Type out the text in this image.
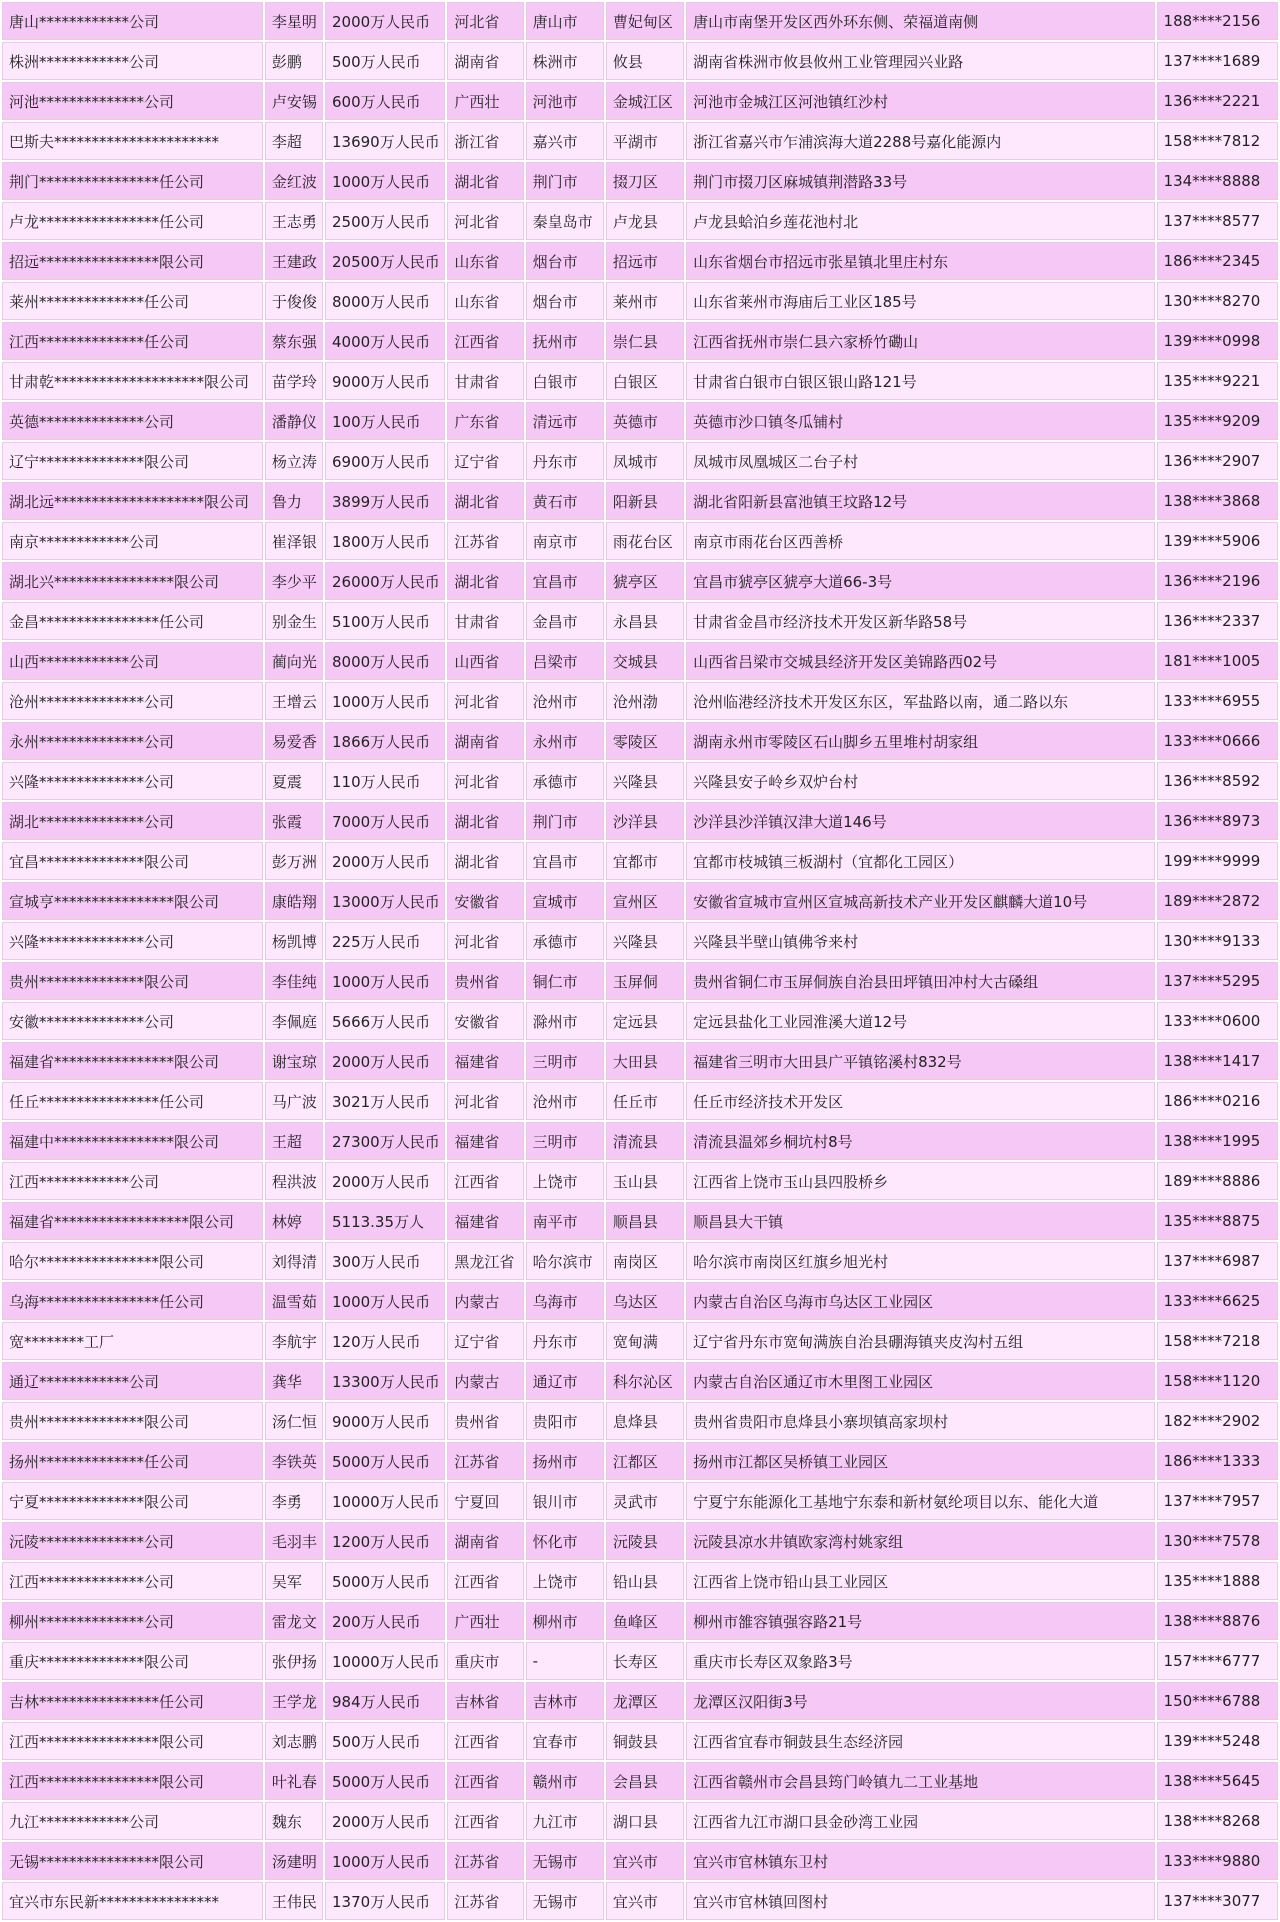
唐山************公司	李星明	2000万人民币	河北省	唐山市	曹妃甸区	唐山市南堡开发区西外环东侧、荣福道南侧	188****2156
株洲************公司	彭鹏	500万人民币	湖南省	株洲市	攸县	湖南省株洲市攸县攸州工业管理园兴业路	137****1689
河池**************公司	卢安锡	600万人民币	广西壮	河池市	金城江区	河池市金城江区河池镇红沙村	136****2221
巴斯夫**********************	李超	13690万人民币	浙江省	嘉兴市	平湖市	浙江省嘉兴市乍浦滨海大道2288号嘉化能源内	158****7812
荆门****************任公司	金红波	1000万人民币	湖北省	荆门市	掇刀区	荆门市掇刀区麻城镇荆潜路33号	134****8888
卢龙****************任公司	王志勇	2500万人民币	河北省	秦皇岛市	卢龙县	卢龙县蛤泊乡莲花池村北	137****8577
招远****************限公司	王建政	20500万人民币	山东省	烟台市	招远市	山东省烟台市招远市张星镇北里庄村东	186****2345
莱州**************任公司	于俊俊	8000万人民币	山东省	烟台市	莱州市	山东省莱州市海庙后工业区185号	130****8270
江西**************任公司	蔡东强	4000万人民币	江西省	抚州市	崇仁县	江西省抚州市崇仁县六家桥竹磡山	139****0998
甘肃乾********************限公司	苗学玲	9000万人民币	甘肃省	白银市	白银区	甘肃省白银市白银区银山路121号	135****9221
英德**************公司	潘静仪	100万人民币	广东省	清远市	英德市	英德市沙口镇冬瓜铺村	135****9209
辽宁**************限公司	杨立涛	6900万人民币	辽宁省	丹东市	凤城市	凤城市凤凰城区二台子村	136****2907
湖北远********************限公司	鲁力	3899万人民币	湖北省	黄石市	阳新县	湖北省阳新县富池镇王坟路12号	138****3868
南京************公司	崔泽银	1800万人民币	江苏省	南京市	雨花台区	南京市雨花台区西善桥	139****5906
湖北兴****************限公司	李少平	26000万人民币	湖北省	宜昌市	猇亭区	宜昌市猇亭区猇亭大道66-3号	136****2196
金昌****************任公司	别金生	5100万人民币	甘肃省	金昌市	永昌县	甘肃省金昌市经济技术开发区新华路58号	136****2337
山西************公司	蔺向光	8000万人民币	山西省	吕梁市	交城县	山西省吕梁市交城县经济开发区美锦路西02号	181****1005
沧州**************公司	王增云	1000万人民币	河北省	沧州市	沧州渤	沧州临港经济技术开发区东区，军盐路以南，通二路以东	133****6955
永州**************公司	易爱香	1866万人民币	湖南省	永州市	零陵区	湖南永州市零陵区石山脚乡五里堆村胡家组	133****0666
兴隆**************公司	夏震	110万人民币	河北省	承德市	兴隆县	兴隆县安子岭乡双炉台村	136****8592
湖北**************公司	张霞	7000万人民币	湖北省	荆门市	沙洋县	沙洋县沙洋镇汉津大道146号	136****8973
宜昌**************限公司	彭万洲	2000万人民币	湖北省	宜昌市	宜都市	宜都市枝城镇三板湖村（宜都化工园区）	199****9999
宣城亨****************限公司	康皓翔	13000万人民币	安徽省	宣城市	宣州区	安徽省宣城市宣州区宣城高新技术产业开发区麒麟大道10号	189****2872
兴隆**************公司	杨凯博	225万人民币	河北省	承德市	兴隆县	兴隆县半壁山镇佛爷来村	130****9133
贵州**************限公司	李佳纯	1000万人民币	贵州省	铜仁市	玉屏侗	贵州省铜仁市玉屏侗族自治县田坪镇田冲村大古磉组	137****5295
安徽**************公司	李佩庭	5666万人民币	安徽省	滁州市	定远县	定远县盐化工业园淮溪大道12号	133****0600
福建省****************限公司	谢宝琼	2000万人民币	福建省	三明市	大田县	福建省三明市大田县广平镇铭溪村832号	138****1417
任丘****************任公司	马广波	3021万人民币	河北省	沧州市	任丘市	任丘市经济技术开发区	186****0216
福建中****************限公司	王超	27300万人民币	福建省	三明市	清流县	清流县温郊乡桐坑村8号	138****1995
江西************公司	程洪波	2000万人民币	江西省	上饶市	玉山县	江西省上饶市玉山县四股桥乡	189****8886
福建省******************限公司	林婷	5113.35万人	福建省	南平市	顺昌县	顺昌县大干镇	135****8875
哈尔****************限公司	刘得清	300万人民币	黑龙江省	哈尔滨市	南岗区	哈尔滨市南岗区红旗乡旭光村	137****6987
乌海****************任公司	温雪茹	1000万人民币	内蒙古	乌海市	乌达区	内蒙古自治区乌海市乌达区工业园区	133****6625
宽********工厂	李航宇	120万人民币	辽宁省	丹东市	宽甸满	辽宁省丹东市宽甸满族自治县硼海镇夹皮沟村五组	158****7218
通辽************公司	龚华	13300万人民币	内蒙古	通辽市	科尔沁区	内蒙古自治区通辽市木里图工业园区	158****1120
贵州**************限公司	汤仁恒	9000万人民币	贵州省	贵阳市	息烽县	贵州省贵阳市息烽县小寨坝镇高家坝村	182****2902
扬州**************任公司	李铁英	5000万人民币	江苏省	扬州市	江都区	扬州市江都区吴桥镇工业园区	186****1333
宁夏**************限公司	李勇	10000万人民币	宁夏回	银川市	灵武市	宁夏宁东能源化工基地宁东泰和新材氨纶项目以东、能化大道	137****7957
沅陵**************公司	毛羽丰	1200万人民币	湖南省	怀化市	沅陵县	沅陵县凉水井镇欧家湾村姚家组	130****7578
江西**************公司	吴军	5000万人民币	江西省	上饶市	铅山县	江西省上饶市铅山县工业园区	135****1888
柳州**************公司	雷龙文	200万人民币	广西壮	柳州市	鱼峰区	柳州市雒容镇强容路21号	138****8876
重庆**************限公司	张伊扬	10000万人民币	重庆市	-	长寿区	重庆市长寿区双象路3号	157****6777
吉林****************任公司	王学龙	984万人民币	吉林省	吉林市	龙潭区	龙潭区汉阳街3号	150****6788
江西****************限公司	刘志鹏	500万人民币	江西省	宜春市	铜鼓县	江西省宜春市铜鼓县生态经济园	139****5248
江西****************限公司	叶礼春	5000万人民币	江西省	赣州市	会昌县	江西省赣州市会昌县筠门岭镇九二工业基地	138****5645
九江************公司	魏东	2000万人民币	江西省	九江市	湖口县	江西省九江市湖口县金砂湾工业园	138****8268
无锡****************限公司	汤建明	1000万人民币	江苏省	无锡市	宜兴市	宜兴市官林镇东卫村	133****9880
宜兴市东民新****************	王伟民	1370万人民币	江苏省	无锡市	宜兴市	宜兴市官林镇回图村	137****3077
